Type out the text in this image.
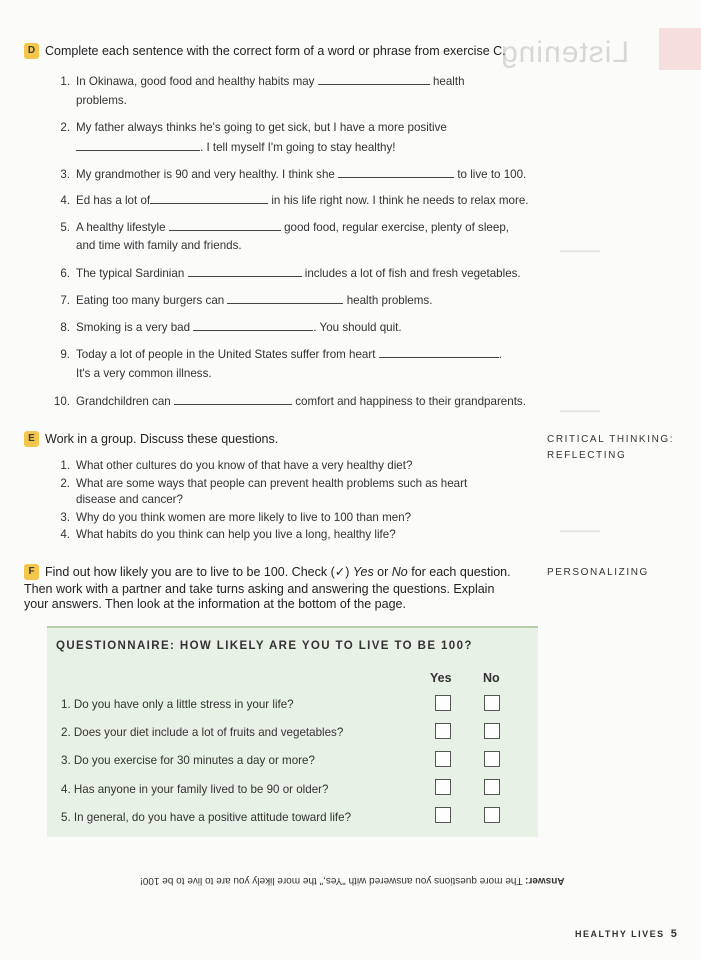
Listening
━━━━━━
━━━━━━
━━━━━━
D Complete each sentence with the correct form of a word or phrase from exercise C.
1. In Okinawa, good food and healthy habits may	health
problems.
2. My father always thinks he's going to get sick, but I have a more positive
. I tell myself I'm going to stay healthy!
3. My grandmother is 90 and very healthy. I think she	to live to 100.
4. Ed has a lot of	in his life right now. I think he needs to relax more.
5. A healthy lifestyle	good food, regular exercise, plenty of sleep,
and time with family and friends.
6. The typical Sardinian	includes a lot of fish and fresh vegetables.
7. Eating too many burgers can	health problems.
8. Smoking is a very bad	. You should quit.
9. Today a lot of people in the United States suffer from heart	.
It's a very common illness.
10. Grandchildren can	comfort and happiness to their grandparents.
E Work in a group. Discuss these questions.	CRITICAL THINKING:
REFLECTING
1. What other cultures do you know of that have a very healthy diet?
2. What are some ways that people can prevent health problems such as heart
disease and cancer?
3. Why do you think women are more likely to live to 100 than men?
4. What habits do you think can help you live a long, healthy life?
F Find out how likely you are to live to be 100. Check (✓) Yes or No for each question.
Then work with a partner and take turns asking and answering the questions. Explain
your answers. Then look at the information at the bottom of the page.
PERSONALIZING
QUESTIONNAIRE: HOW LIKELY ARE YOU TO LIVE TO BE 100?
Yes	No
1. Do you have only a little stress in your life?
2. Does your diet include a lot of fruits and vegetables?
3. Do you exercise for 30 minutes a day or more?
4. Has anyone in your family lived to be 90 or older?
5. In general, do you have a positive attitude toward life?
Answer: The more questions you answered with "Yes," the more likely you are to live to be 100!
HEALTHY LIVES 5
